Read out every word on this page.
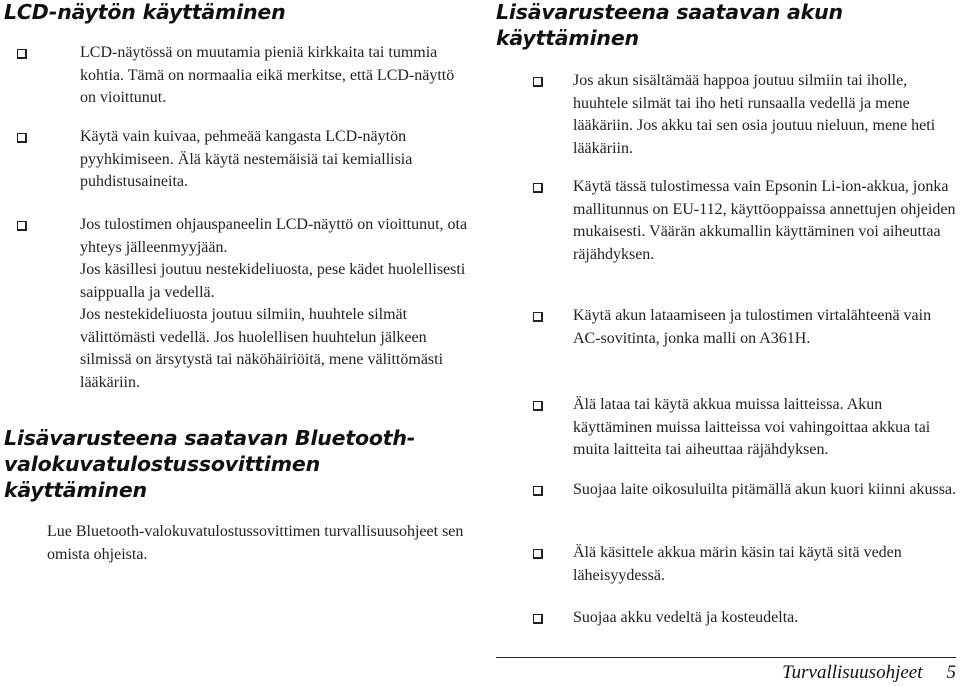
LCD-näytön käyttäminen
LCD-näytössä on muutamia pieniä kirkkaita tai tummia kohtia. Tämä on normaalia eikä merkitse, että LCD-näyttö on vioittunut.
Käytä vain kuivaa, pehmeää kangasta LCD-näytön pyyhkimiseen. Älä käytä nestemäisiä tai kemiallisia puhdistusaineita.
Jos tulostimen ohjauspaneelin LCD-näyttö on vioittunut, ota yhteys jälleenmyyjään.
Jos käsillesi joutuu nestekideliuosta, pese kädet huolellisesti saippualla ja vedellä.
Jos nestekideliuosta joutuu silmiin, huuhtele silmät välittömästi vedellä. Jos huolellisen huuhtelun jälkeen silmissä on ärsytystä tai näköhäiriöitä, mene välittömästi lääkäriin.
Lisävarusteena saatavan Bluetooth-valokuvatulostussovittimen käyttäminen
Lue Bluetooth-valokuvatulostussovittimen turvallisuusohjeet sen omista ohjeista.
Lisävarusteena saatavan akun käyttäminen
Jos akun sisältämää happoa joutuu silmiin tai iholle, huuhtele silmät tai iho heti runsaalla vedellä ja mene lääkäriin. Jos akku tai sen osia joutuu nieluun, mene heti lääkäriin.
Käytä tässä tulostimessa vain Epsonin Li-ion-akkua, jonka mallitunnus on EU-112, käyttöoppaissa annettujen ohjeiden mukaisesti. Väärän akkumallin käyttäminen voi aiheuttaa räjähdyksen.
Käytä akun lataamiseen ja tulostimen virtalähteenä vain AC-sovitinta, jonka malli on A361H.
Älä lataa tai käytä akkua muissa laitteissa. Akun käyttäminen muissa laitteissa voi vahingoittaa akkua tai muita laitteita tai aiheuttaa räjähdyksen.
Suojaa laite oikosuluilta pitämällä akun kuori kiinni akussa.
Älä käsittele akkua märin käsin tai käytä sitä veden läheisyydessä.
Suojaa akku vedeltä ja kosteudelta.
Turvallisuusohjeet 5
